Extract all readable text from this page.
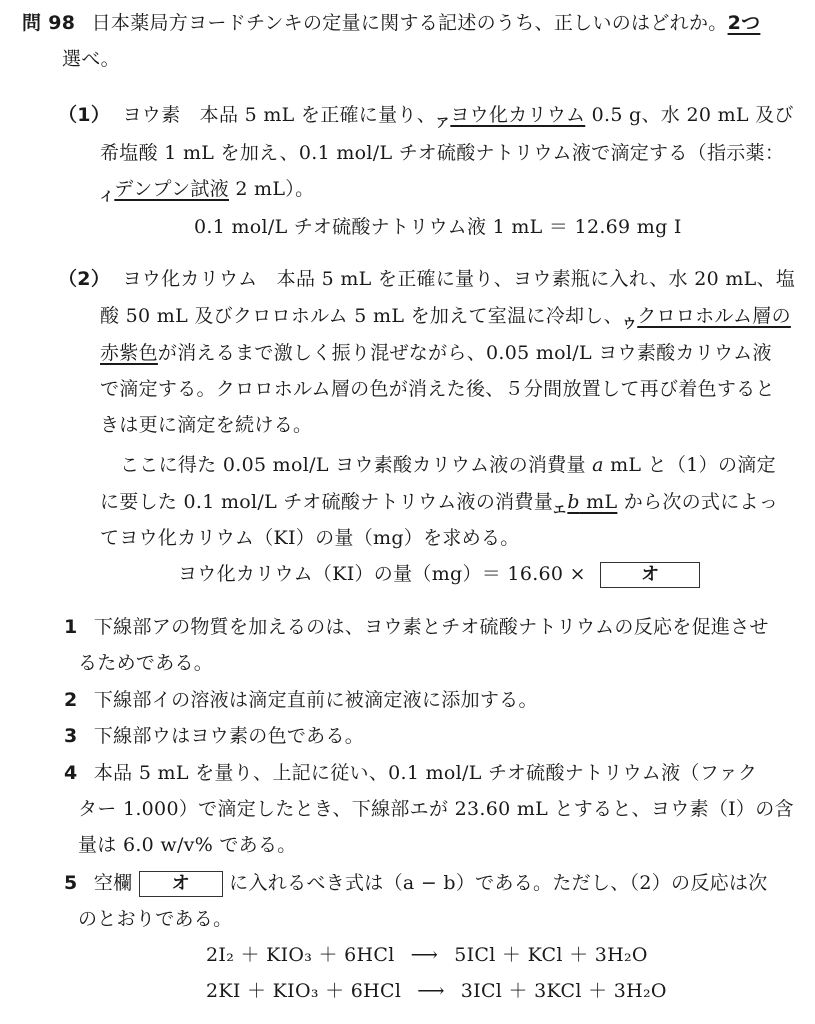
問 98 日本薬局方ヨードチンキの定量に関する記述のうち、正しいのはどれか。2つ
選べ。
（1） ヨウ素　本品 5 mL を正確に量り、$_ア$ヨウ化カリウム 0.5 g、水 20 mL 及び
希塩酸 1 mL を加え、0.1 mol/L チオ硫酸ナトリウム液で滴定する（指示薬：
$_イ$デンプン試液 2 mL）。
0.1 mol/L チオ硫酸ナトリウム液 1 mL ＝ 12.69 mg I
（2） ヨウ化カリウム　本品 5 mL を正確に量り、ヨウ素瓶に入れ、水 20 mL、塩
酸 50 mL 及びクロロホルム 5 mL を加えて室温に冷却し、$_ウ$クロロホルム層の
赤紫色が消えるまで激しく振り混ぜながら、0.05 mol/L ヨウ素酸カリウム液
で滴定する。クロロホルム層の色が消えた後、５分間放置して再び着色すると
きは更に滴定を続ける。
ここに得た 0.05 mol/L ヨウ素酸カリウム液の消費量 a mL と（1）の滴定
に要した 0.1 mol/L チオ硫酸ナトリウム液の消費量$_エ$b mL から次の式によっ
てヨウ化カリウム（KI）の量（mg）を求める。
ヨウ化カリウム（KI）の量（mg）＝ 16.60 ×	オ
1 下線部アの物質を加えるのは、ヨウ素とチオ硫酸ナトリウムの反応を促進させ
るためである。
2 下線部イの溶液は滴定直前に被滴定液に添加する。
3 下線部ウはヨウ素の色である。
4 本品 5 mL を量り、上記に従い、0.1 mol/L チオ硫酸ナトリウム液（ファク
ター 1.000）で滴定したとき、下線部エが 23.60 mL とすると、ヨウ素（I）の含
量は 6.0 w/v% である。
5 空欄 オ に入れるべき式は（a − b）である。ただし、（2）の反応は次
のとおりである。
2I₂ ＋ KIO₃ ＋ 6HCl ⟶ 5ICl ＋ KCl ＋ 3H₂O
2KI ＋ KIO₃ ＋ 6HCl ⟶ 3ICl ＋ 3KCl ＋ 3H₂O
